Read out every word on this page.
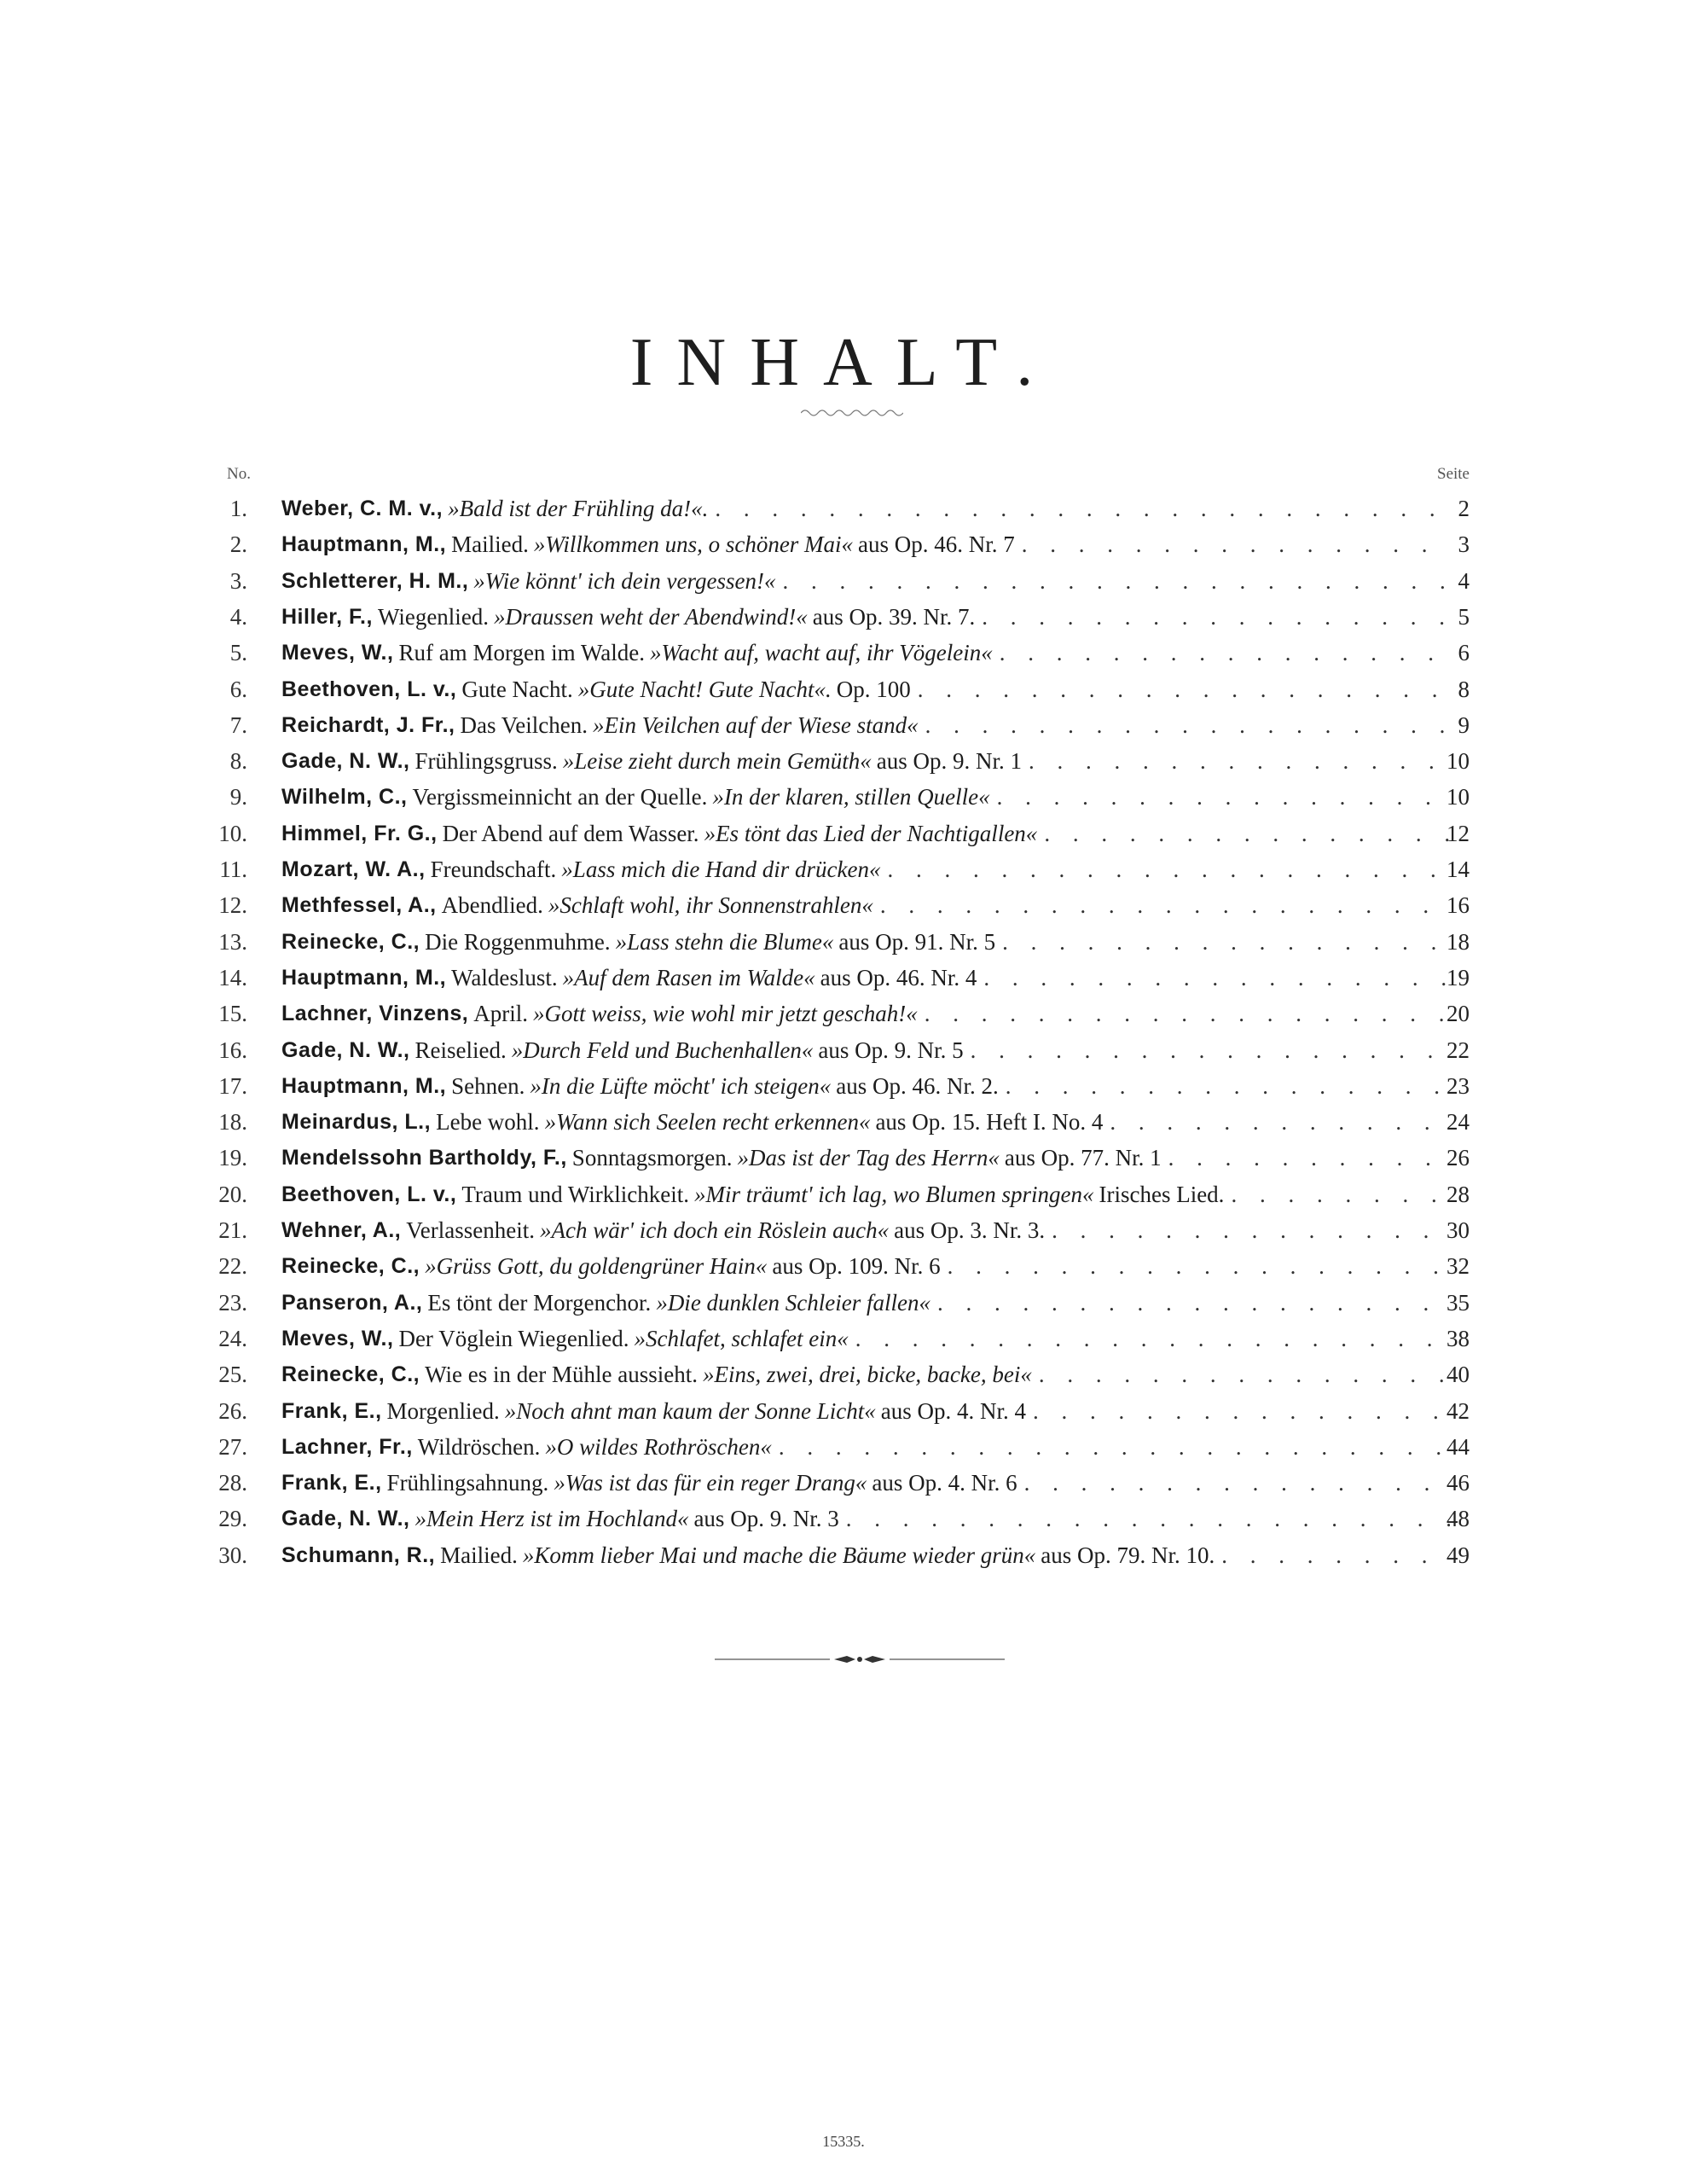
INHALT.
No.	Seite
1. Weber, C. M. v., »Bald ist der Frühling da!«. . . .	2
2. Hauptmann, M., Mailied. »Willkommen uns, o schöner Mai« aus Op. 46. Nr. 7 . . .	3
3. Schletterer, H. M., »Wie könnt' ich dein vergessen!« . . .	4
4. Hiller, F., Wiegenlied. »Draussen weht der Abendwind!« aus Op. 39. Nr. 7. . . .	5
5. Meves, W., Ruf am Morgen im Walde. »Wacht auf, wacht auf, ihr Vögelein« . . .	6
6. Beethoven, L. v., Gute Nacht. »Gute Nacht! Gute Nacht«. Op. 100 . . .	8
7. Reichardt, J. Fr., Das Veilchen. »Ein Veilchen auf der Wiese stand« . . .	9
8. Gade, N. W., Frühlingsgruss. »Leise zieht durch mein Gemüth« aus Op. 9. Nr. 1 . . .	10
9. Wilhelm, C., Vergissmeinnicht an der Quelle. »In der klaren, stillen Quelle« . . .	10
10. Himmel, Fr. G., Der Abend auf dem Wasser. »Es tönt das Lied der Nachtigallen« . . .	12
11. Mozart, W. A., Freundschaft. »Lass mich die Hand dir drücken« . . .	14
12. Methfessel, A., Abendlied. »Schlaft wohl, ihr Sonnenstrahlen« . . .	16
13. Reinecke, C., Die Roggenmuhme. »Lass stehn die Blume« aus Op. 91. Nr. 5 . . .	18
14. Hauptmann, M., Waldeslust. »Auf dem Rasen im Walde« aus Op. 46. Nr. 4 . . .	19
15. Lachner, Vinzens, April. »Gott weiss, wie wohl mir jetzt geschah!« . . .	20
16. Gade, N. W., Reiselied. »Durch Feld und Buchenhallen« aus Op. 9. Nr. 5 . . .	22
17. Hauptmann, M., Sehnen. »In die Lüfte möcht' ich steigen« aus Op. 46. Nr. 2. . . .	23
18. Meinardus, L., Lebe wohl. »Wann sich Seelen recht erkennen« aus Op. 15. Heft I. No. 4 . . .	24
19. Mendelssohn Bartholdy, F., Sonntagsmorgen. »Das ist der Tag des Herrn« aus Op. 77. Nr. 1 . . .	26
20. Beethoven, L. v., Traum und Wirklichkeit. »Mir träumt' ich lag, wo Blumen springen« Irisches Lied. . . .	28
21. Wehner, A., Verlassenheit. »Ach wär' ich doch ein Röslein auch« aus Op. 3. Nr. 3. . . .	30
22. Reinecke, C., »Grüss Gott, du goldengrüner Hain« aus Op. 109. Nr. 6 . . .	32
23. Panseron, A., Es tönt der Morgenchor. »Die dunklen Schleier fallen« . . .	35
24. Meves, W., Der Vöglein Wiegenlied. »Schlafet, schlafet ein« . . .	38
25. Reinecke, C., Wie es in der Mühle aussieht. »Eins, zwei, drei, bicke, backe, bei« . . .	40
26. Frank, E., Morgenlied. »Noch ahnt man kaum der Sonne Licht« aus Op. 4. Nr. 4 . . .	42
27. Lachner, Fr., Wildröschen. »O wildes Rothröschen« . . .	44
28. Frank, E., Frühlingsahnung. »Was ist das für ein reger Drang« aus Op. 4. Nr. 6 . . .	46
29. Gade, N. W., »Mein Herz ist im Hochland« aus Op. 9. Nr. 3 . . .	48
30. Schumann, R., Mailied. »Komm lieber Mai und mache die Bäume wieder grün« aus Op. 79. Nr. 10. . . .	49
15335.
